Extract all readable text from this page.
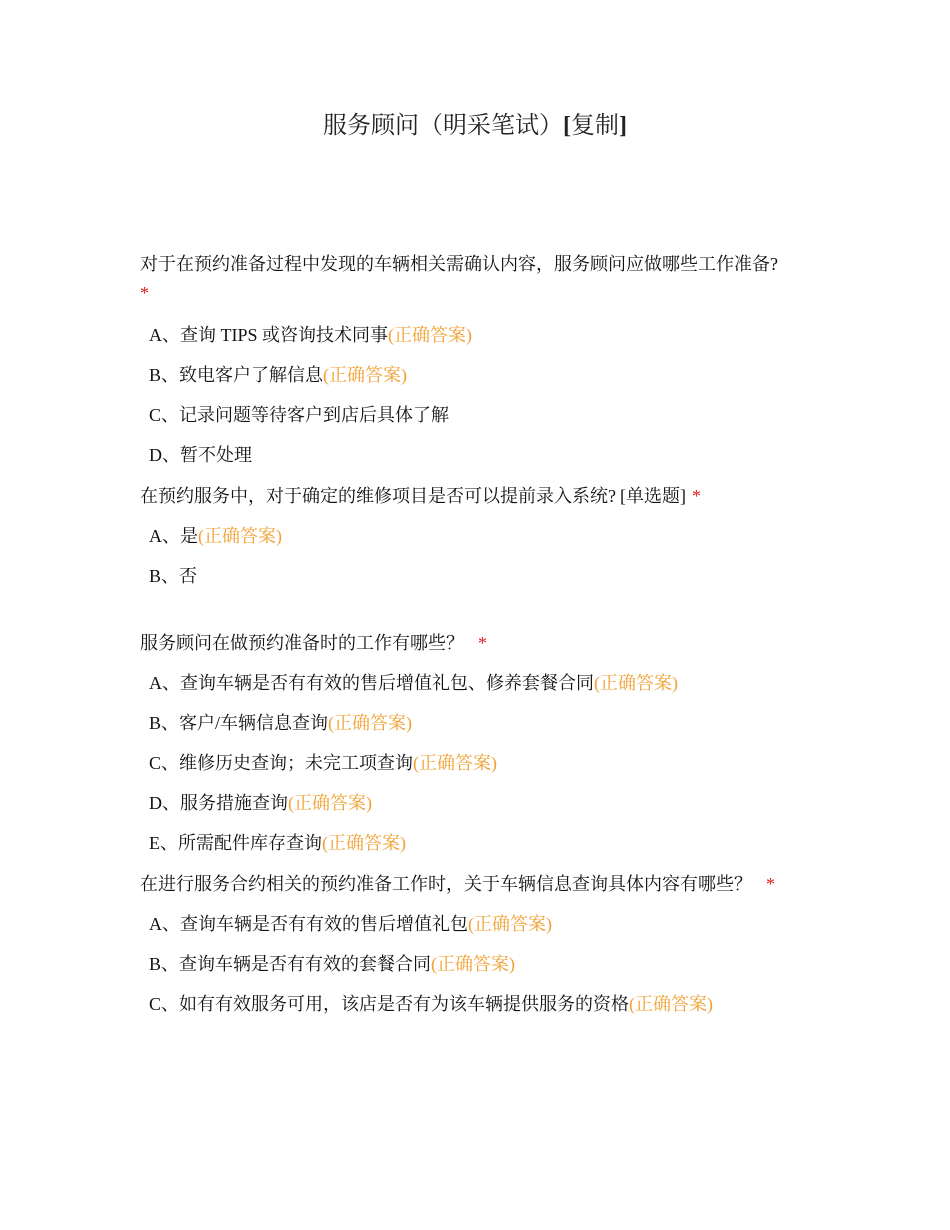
服务顾问（明采笔试）[复制]
对于在预约准备过程中发现的车辆相关需确认内容，服务顾问应做哪些工作准备?
*
A、查询 TIPS 或咨询技术同事(正确答案)
B、致电客户了解信息(正确答案)
C、记录问题等待客户到店后具体了解
D、暂不处理
在预约服务中，对于确定的维修项目是否可以提前录入系统? [单选题] *
A、是(正确答案)
B、否
服务顾问在做预约准备时的工作有哪些？ *
A、查询车辆是否有有效的售后增值礼包、修养套餐合同(正确答案)
B、客户/车辆信息查询(正确答案)
C、维修历史查询；未完工项查询(正确答案)
D、服务措施查询(正确答案)
E、所需配件库存查询(正确答案)
在进行服务合约相关的预约准备工作时，关于车辆信息查询具体内容有哪些？ *
A、查询车辆是否有有效的售后增值礼包(正确答案)
B、查询车辆是否有有效的套餐合同(正确答案)
C、如有有效服务可用，该店是否有为该车辆提供服务的资格(正确答案)
